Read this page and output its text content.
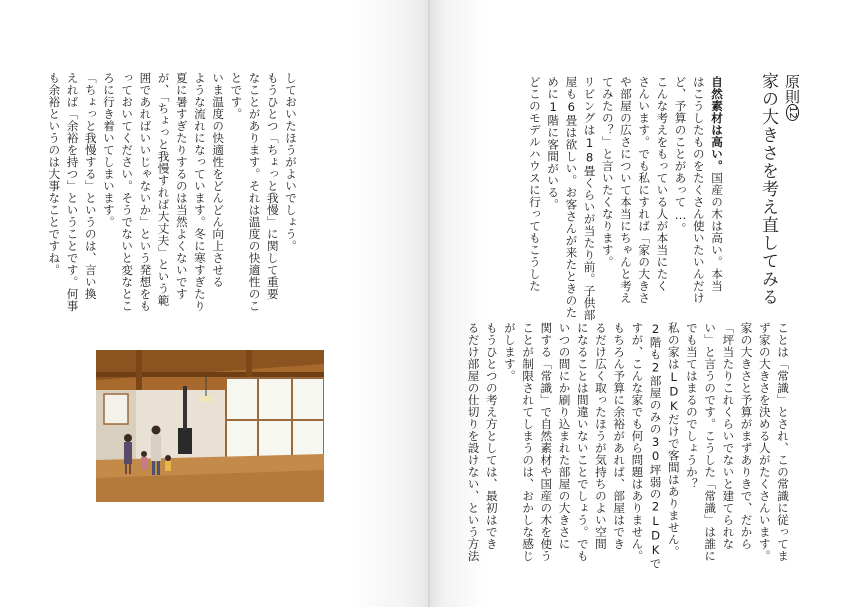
原則12
家の大きさを考え直してみる
自然素材は高い。国産の木は高い。本当
はこうしたものをたくさん使いたいんだけ
ど、予算のことがあって…。
こんな考えをもっている人が本当にたく
さんいます。でも私にすれば「家の大きさ
や部屋の広さについて本当にちゃんと考え
てみたの？」と言いたくなります。
リビングは18畳くらいが当たり前。子供部
屋も6畳は欲しい。お客さんが来たときのた
めに1階に客間がいる。
どこのモデルハウスに行ってもこうした
ことは「常識」とされ、この常識に従ってま
ず家の大きさを決める人がたくさんいます。
家の大きさと予算がまずありきで、だから
「坪当たりこれくらいでないと建てられな
い」と言うのです。こうした「常識」は誰に
でも当てはまるのでしょうか？
私の家はLDKだけで客間はありません。
2階も2部屋のみの30坪弱の2LDKで
すが、こんな家でも何ら問題はありません。
もちろん予算に余裕があれば、部屋はでき
るだけ広く取ったほうが気持ちのよい空間
になることは間違いないことでしょう。でも
いつの間にか刷り込まれた部屋の大きさに
関する「常識」で自然素材や国産の木を使う
ことが制限されてしまうのは、おかしな感じ
がします。
もうひとつの考え方としては、最初はでき
るだけ部屋の仕切りを設けない、という方法
しておいたほうがよいでしょう。
もうひとつ「ちょっと我慢」に関して重要
なことがあります。それは温度の快適性のこ
とです。
いま温度の快適性をどんどん向上させる
ような流れになっています。冬に寒すぎたり
夏に暑すぎたりするのは当然よくないです
が、「ちょっと我慢すれば大丈夫」という範
囲であればいいじゃないか」という発想をも
っておいてください。そうでないと変なとこ
ろに行き着いてしまいます。
「ちょっと我慢する」というのは、言い換
えれば「余裕を持つ」ということです。何事
も余裕というのは大事なことですね。
